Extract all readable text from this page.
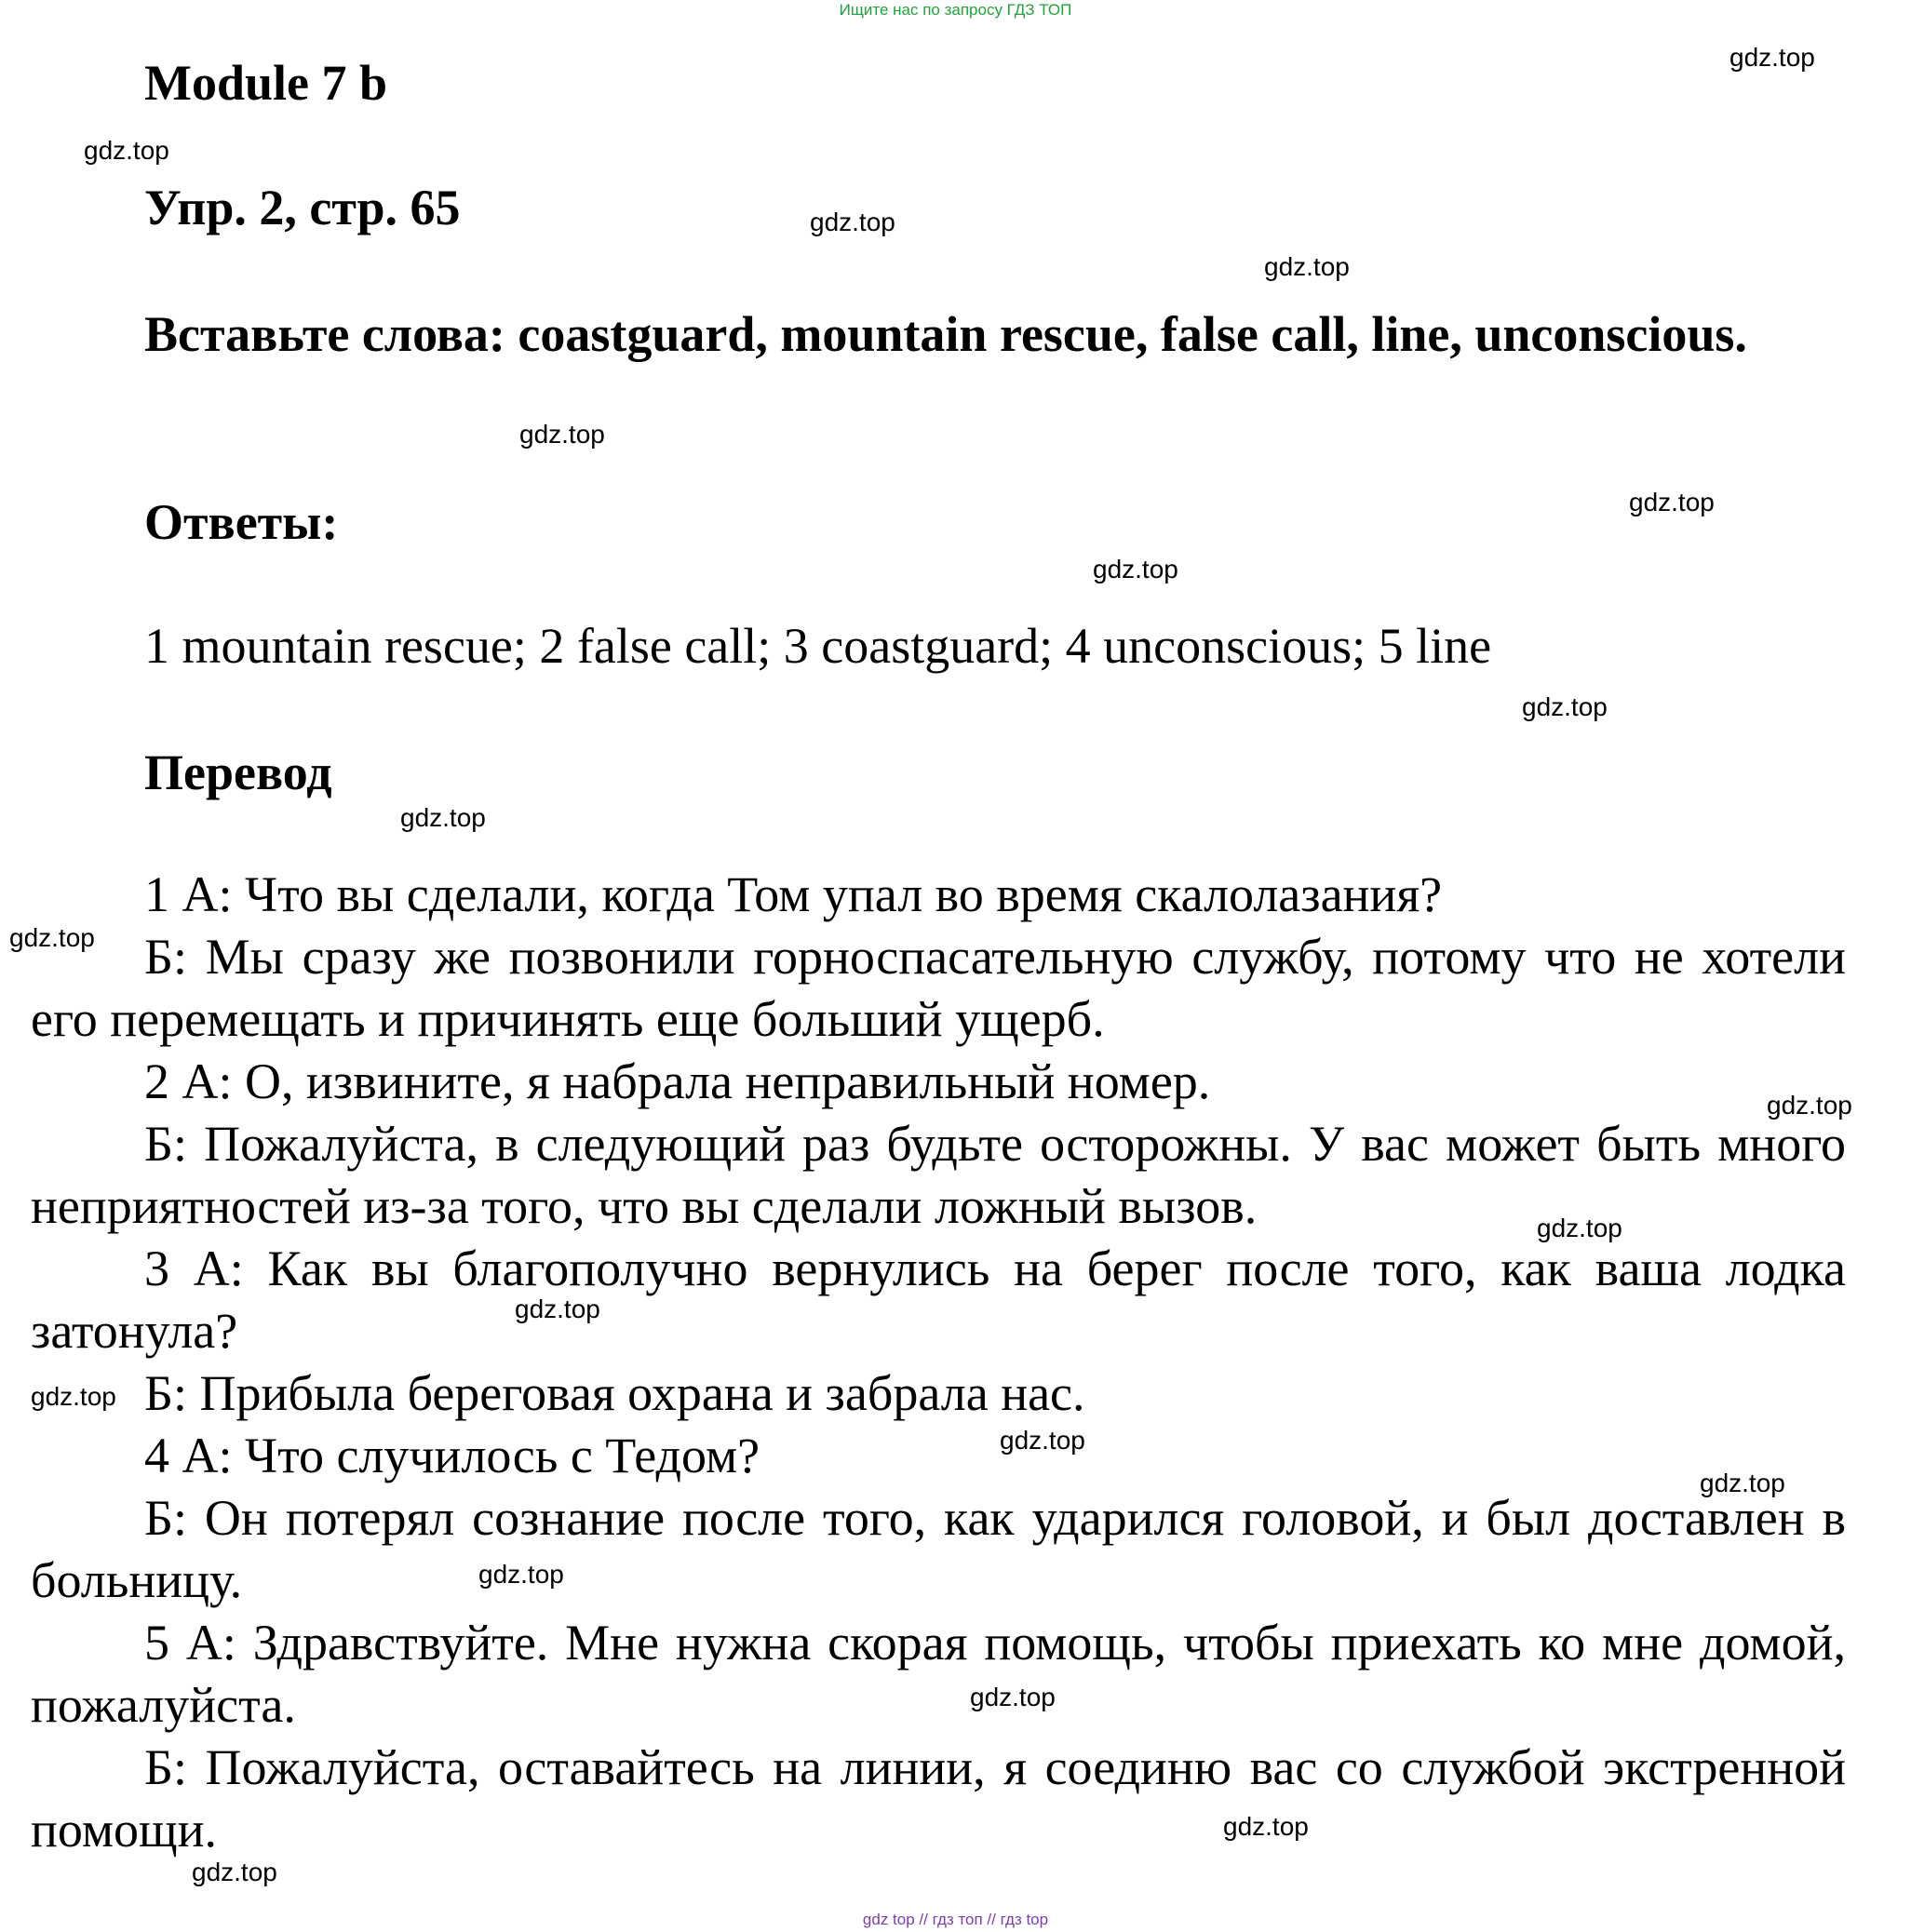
Ищите нас по запросу ГДЗ ТОП
Module 7 b
Упр. 2, стр. 65
Вставьте слова: coastguard, mountain rescue, false call, line, unconscious.
Ответы:
1 mountain rescue; 2 false call; 3 coastguard; 4 unconscious; 5 line
Перевод

1 А: Что вы сделали, когда Том упал во время скалолазания?

Б: Мы сразу же позвонили горноспасательную службу, потому что не хотели его перемещать и причинять еще больший ущерб.

2 А: О, извините, я набрала неправильный номер.

Б: Пожалуйста, в следующий раз будьте осторожны. У вас может быть много неприятностей из-за того, что вы сделали ложный вызов.

3 А: Как вы благополучно вернулись на берег после того, как ваша лодка затонула?

Б: Прибыла береговая охрана и забрала нас.

4 А: Что случилось с Тедом?

Б: Он потерял сознание после того, как ударился головой, и был доставлен в больницу.

5 А: Здравствуйте. Мне нужна скорая помощь, чтобы приехать ко мне домой, пожалуйста.

Б: Пожалуйста, оставайтесь на линии, я соединю вас со службой экстренной помощи.

gdz.top
gdz.top
gdz.top
gdz.top
gdz.top
gdz.top
gdz.top
gdz.top
gdz.top
gdz.top
gdz.top
gdz.top
gdz.top
gdz.top
gdz.top
gdz.top
gdz.top
gdz.top
gdz.top
gdz.top
gdz top // гдз топ // гдз top
